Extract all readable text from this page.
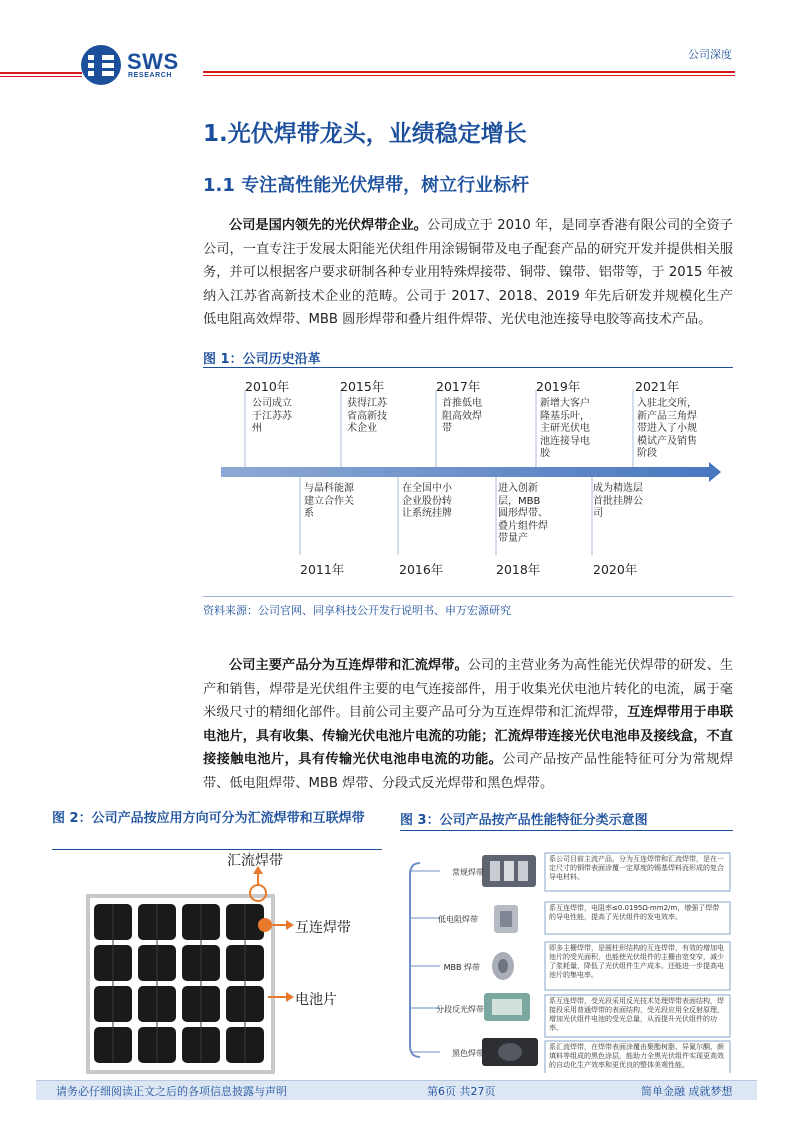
SWS
RESEARCH
公司深度
1.光伏焊带龙头，业绩稳定增长
1.1 专注高性能光伏焊带，树立行业标杆
公司是国内领先的光伏焊带企业。公司成立于 2010 年，是同享香港有限公司的全资子公司，一直专注于发展太阳能光伏组件用涂锡铜带及电子配套产品的研究开发并提供相关服务，并可以根据客户要求研制各种专业用特殊焊接带、铜带、镍带、铝带等，于 2015 年被纳入江苏省高新技术企业的范畴。公司于 2017、2018、2019 年先后研发并规模化生产低电阻高效焊带、MBB 圆形焊带和叠片组件焊带、光伏电池连接导电胶等高技术产品。
图 1：公司历史沿革
2010年
公司成立于江苏苏州
2015年
获得江苏省高新技术企业
2017年
首推低电阻高效焊带
2019年
新增大客户隆基乐叶，主研光伏电池连接导电胶
2021年
入驻北交所，新产品三角焊带进入了小规模试产及销售阶段
与晶科能源建立合作关系
2011年
在全国中小企业股份转让系统挂牌
2016年
进入创新层，MBB圆形焊带、叠片组件焊带量产
2018年
成为精选层首批挂牌公司
2020年
资料来源：公司官网、同享科技公开发行说明书、申万宏源研究
公司主要产品分为互连焊带和汇流焊带。公司的主营业务为高性能光伏焊带的研发、生产和销售，焊带是光伏组件主要的电气连接部件，用于收集光伏电池片转化的电流，属于毫米级尺寸的精细化部件。目前公司主要产品可分为互连焊带和汇流焊带，互连焊带用于串联电池片，具有收集、传输光伏电池片电流的功能；汇流焊带连接光伏电池串及接线盒，不直接接触电池片，具有传输光伏电池串电流的功能。公司产品按产品性能特征可分为常规焊带、低电阻焊带、MBB 焊带、分段式反光焊带和黑色焊带。
图 2：公司产品按应用方向可分为汇流焊带和互联焊带
汇流焊带
互连焊带
电池片
图 3：公司产品按产品性能特征分类示意图
常规焊带
低电阻焊带
MBB 焊带
分段反光焊带
黑色焊带
系公司目前主流产品，分为互连焊带和汇流焊带，是在一定尺寸的铜带表面涂覆一定厚度的锡基焊料而形成的复合导电材料。
系互连焊带，电阻率≤0.0195Ω·mm2/m，增强了焊带的导电性能，提高了光伏组件的发电效率。
即多主栅焊带，是圆柱形结构的互连焊带，有效的增加电池片的受光面积，也能使光伏组件的主栅由宽变窄，减少了浆耗量，降低了光伏组件生产成本。还能进一步提高电池片的集电率。
系互连焊带，受光段采用反光技术处理焊带表面结构，焊接段采用普通焊带的表面结构，受光段应用全反射原理，增加光伏组件电池的受光总量，从而提升光伏组件的功率。
系汇流焊带，在焊带表面涂覆由聚酯树脂、异氰尔酮、颜填料等组成的黑色涂层，能助力全黑光伏组件实现更高效的自动化生产效率和更优良的整体美观性能。
请务必仔细阅读正文之后的各项信息披露与声明	第6页 共27页	简单金融 成就梦想
